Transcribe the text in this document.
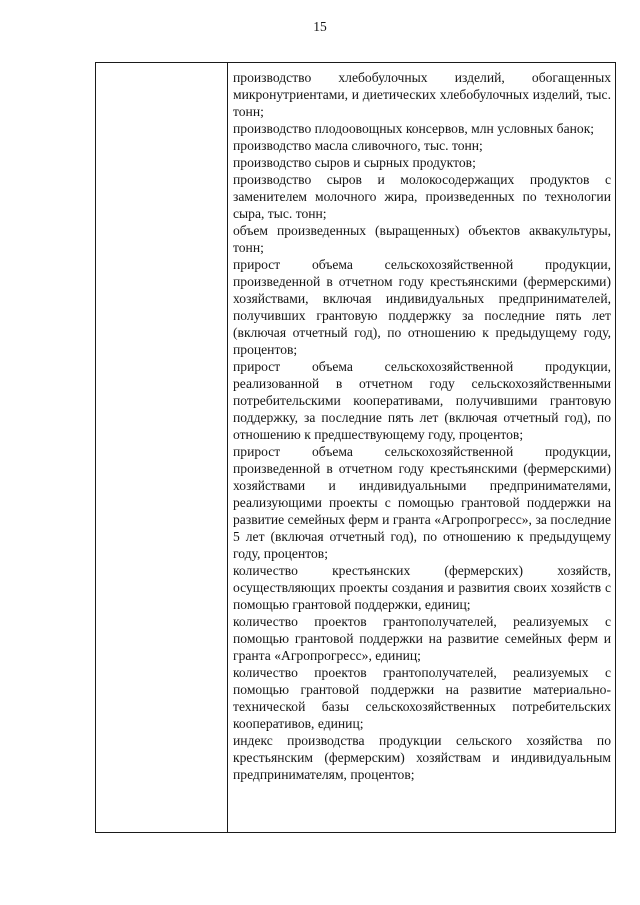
15
производство хлебобулочных изделий, обогащенных микронутриентами, и диетических хлебобулочных изделий, тыс. тонн;
производство плодоовощных консервов, млн условных банок;
производство масла сливочного, тыс. тонн;
производство сыров и сырных продуктов;
производство сыров и молокосодержащих продуктов с заменителем молочного жира, произведенных по технологии сыра, тыс. тонн;
объем произведенных (выращенных) объектов аквакультуры, тонн;
прирост объема сельскохозяйственной продукции, произведенной в отчетном году крестьянскими (фермерскими) хозяйствами, включая индивидуальных предпринимателей, получивших грантовую поддержку за последние пять лет (включая отчетный год), по отношению к предыдущему году, процентов;
прирост объема сельскохозяйственной продукции, реализованной в отчетном году сельскохозяйственными потребительскими кооперативами, получившими грантовую поддержку, за последние пять лет (включая отчетный год), по отношению к предшествующему году, процентов;
прирост объема сельскохозяйственной продукции, произведенной в отчетном году крестьянскими (фермерскими) хозяйствами и индивидуальными предпринимателями, реализующими проекты с помощью грантовой поддержки на развитие семейных ферм и гранта «Агропрогресс», за последние 5 лет (включая отчетный год), по отношению к предыдущему году, процентов;
количество крестьянских (фермерских) хозяйств, осуществляющих проекты создания и развития своих хозяйств с помощью грантовой поддержки, единиц;
количество проектов грантополучателей, реализуемых с помощью грантовой поддержки на развитие семейных ферм и гранта «Агропрогресс», единиц;
количество проектов грантополучателей, реализуемых с помощью грантовой поддержки на развитие материально-технической базы сельскохозяйственных потребительских кооперативов, единиц;
индекс производства продукции сельского хозяйства по крестьянским (фермерским) хозяйствам и индивидуальным предпринимателям, процентов;
